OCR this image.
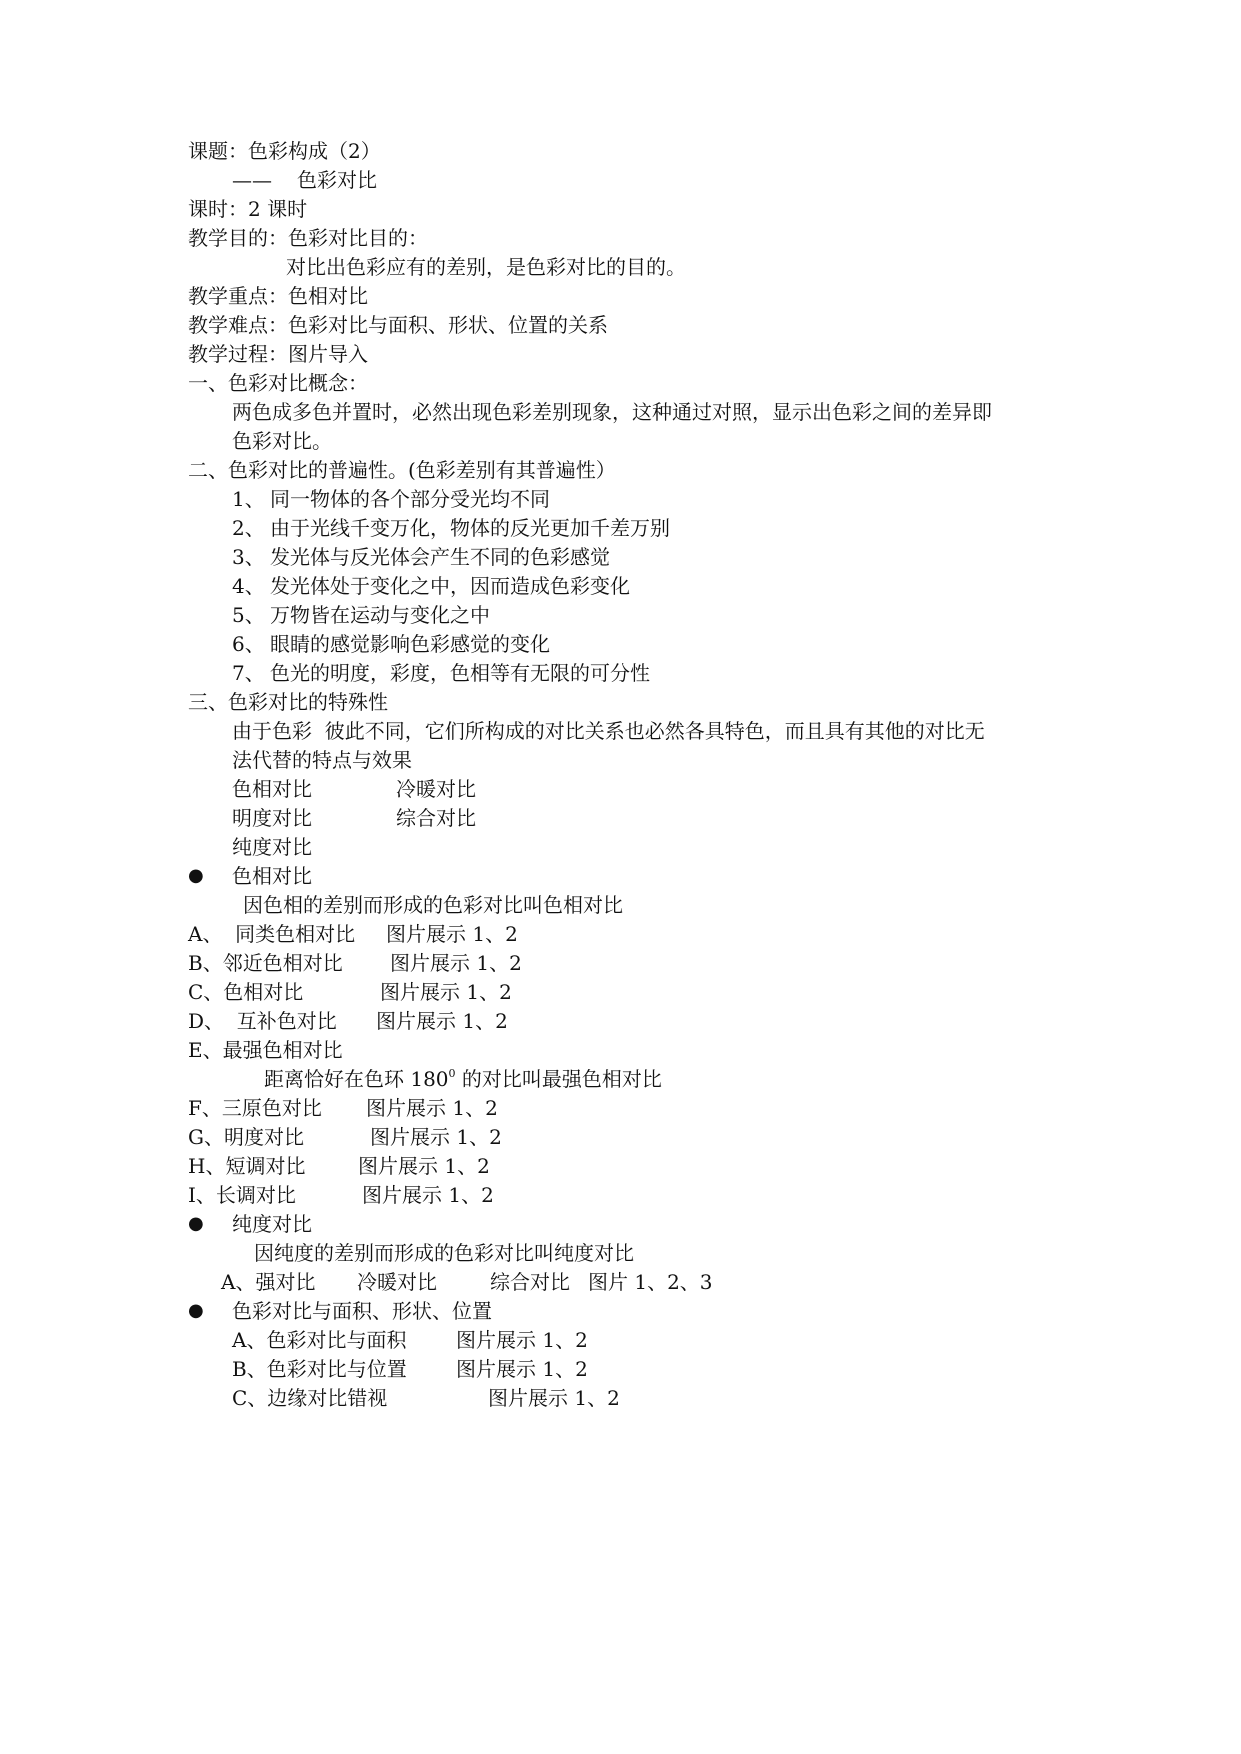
课题：色彩构成（2）

—— 色彩对比

课时：2 课时

教学目的：色彩对比目的：

对比出色彩应有的差别，是色彩对比的目的。

教学重点：色相对比

教学难点：色彩对比与面积、形状、位置的关系

教学过程：图片导入

一、色彩对比概念：

两色成多色并置时，必然出现色彩差别现象，这种通过对照，显示出色彩之间的差异即

色彩对比。

二、色彩对比的普遍性。(色彩差别有其普遍性）

1、 同一物体的各个部分受光均不同

2、 由于光线千变万化，物体的反光更加千差万别

3、 发光体与反光体会产生不同的色彩感觉

4、 发光体处于变化之中，因而造成色彩变化

5、 万物皆在运动与变化之中

6、 眼睛的感觉影响色彩感觉的变化

7、 色光的明度，彩度，色相等有无限的可分性

三、色彩对比的特殊性

由于色彩  彼此不同，它们所构成的对比关系也必然各具特色，而且具有其他的对比无

法代替的特点与效果

色相对比	冷暖对比

明度对比	综合对比

纯度对比

● 色相对比

因色相的差别而形成的色彩对比叫色相对比

A、  同类色相对比 图片展示 1、2

B、邻近色相对比 图片展示 1、2

C、色相对比	图片展示 1、2

D、  互补色对比 图片展示 1、2

E、最强色相对比

距离恰好在色环 $180^0$ 的对比叫最强色相对比

F、三原色对比 图片展示 1、2

G、明度对比	图片展示 1、2

H、短调对比	图片展示 1、2

I、长调对比	图片展示 1、2

● 纯度对比

因纯度的差别而形成的色彩对比叫纯度对比

A、强对比 冷暖对比	综合对比 图片 1、2、3

● 色彩对比与面积、形状、位置

A、色彩对比与面积 图片展示 1、2

B、色彩对比与位置 图片展示 1、2

C、边缘对比错视	图片展示 1、2
